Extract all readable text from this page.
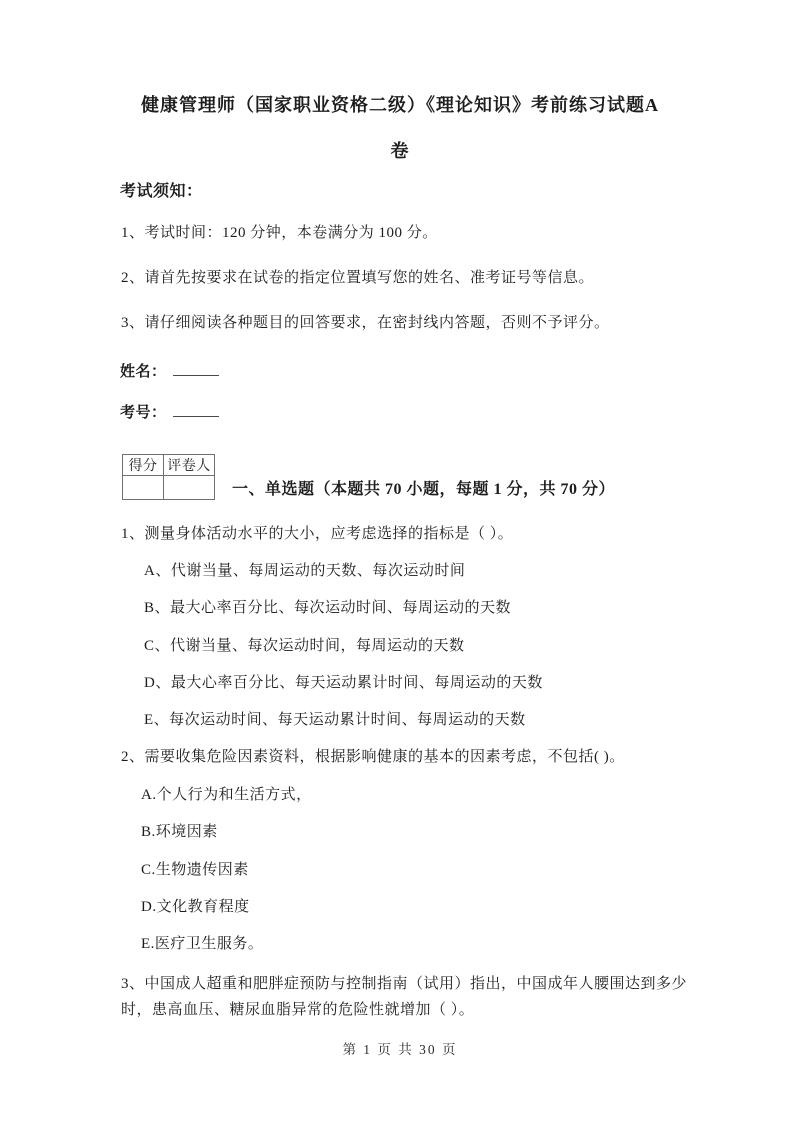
健康管理师（国家职业资格二级）《理论知识》考前练习试题A
卷
考试须知：
1、考试时间：120 分钟，本卷满分为 100 分。
2、请首先按要求在试卷的指定位置填写您的姓名、准考证号等信息。
3、请仔细阅读各种题目的回答要求，在密封线内答题，否则不予评分。
姓名：
考号：
得分	评卷人

一、单选题（本题共 70 小题，每题 1 分，共 70 分）
1、测量身体活动水平的大小，应考虑选择的指标是（ ）。
A、代谢当量、每周运动的天数、每次运动时间
B、最大心率百分比、每次运动时间、每周运动的天数
C、代谢当量、每次运动时间，每周运动的天数
D、最大心率百分比、每天运动累计时间、每周运动的天数
E、每次运动时间、每天运动累计时间、每周运动的天数
2、需要收集危险因素资料，根据影响健康的基本的因素考虑，不包括( )。
A.个人行为和生活方式，
B.环境因素
C.生物遗传因素
D.文化教育程度
E.医疗卫生服务。
3、中国成人超重和肥胖症预防与控制指南（试用）指出，中国成年人腰围达到多少时，患高血压、糖尿血脂异常的危险性就增加（ ）。
第 1 页 共 30 页
